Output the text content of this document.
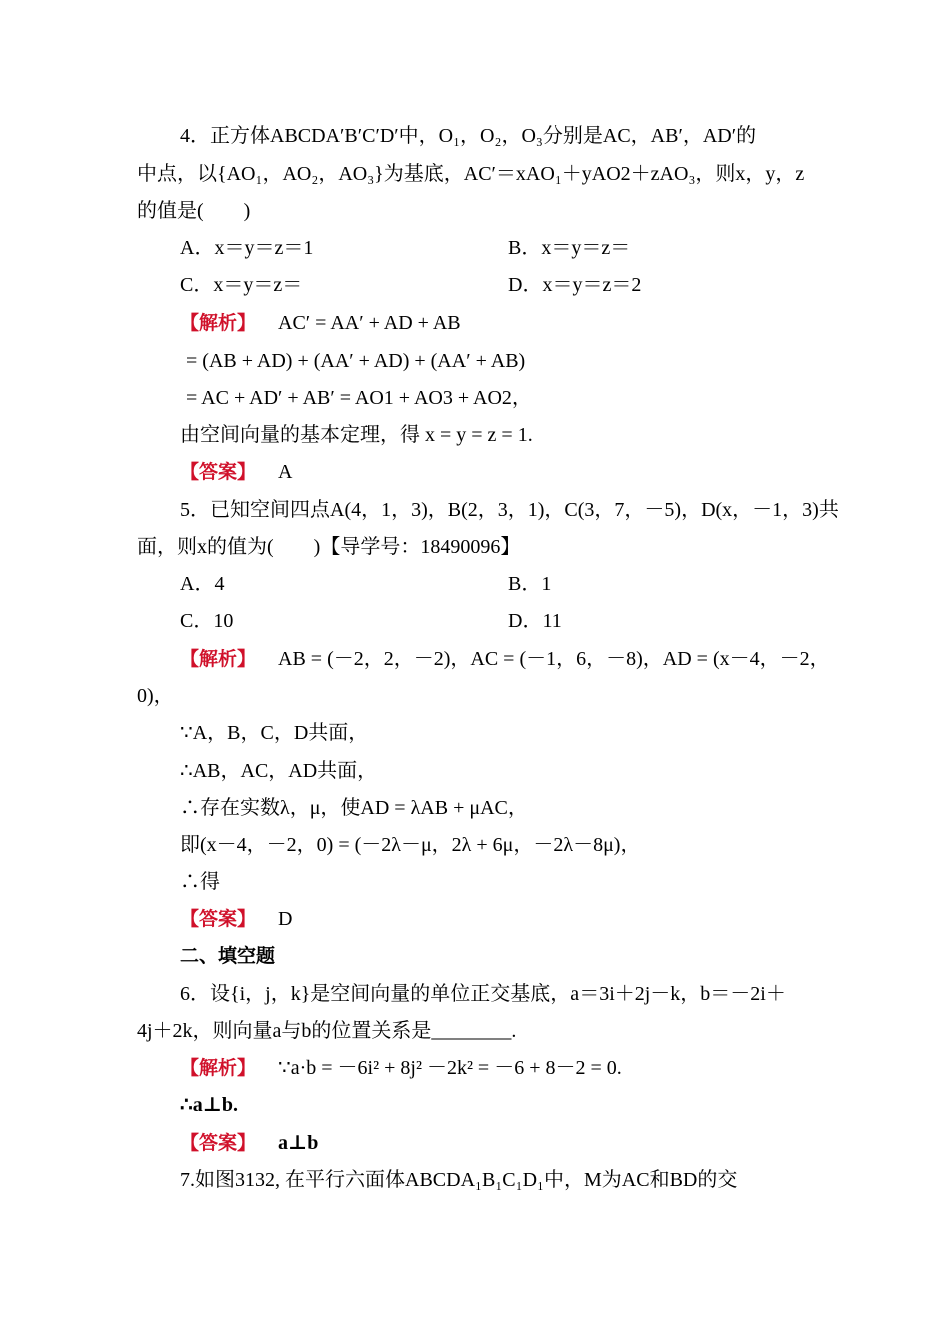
4．正方体ABCDA′B′C′D′中，O₁，O₂，O₃分别是AC，AB′，AD′的
中点，以{AO₁，AO₂，AO₃}为基底，AC′＝xAO₁＋yAO2＋zAO₃，则x，y，z
的值是(　　)
A．x＝y＝z＝1	B．x＝y＝z＝
C．x＝y＝z＝	D．x＝y＝z＝2
【解析】 AC′ = AA′ + AD + AB
= (AB + AD) + (AA′ + AD) + (AA′ + AB)
= AC + AD′ + AB′ = AO1 + AO3 + AO2，
由空间向量的基本定理，得 x = y = z = 1.
【答案】 A
5．已知空间四点A(4，1，3)，B(2，3，1)，C(3，7，－5)，D(x，－1，3)共
面，则x的值为(　　)【导学号：18490096】
A．4	B．1
C．10	D．11
【解析】 AB = (－2，2，－2)，AC = (－1，6，－8)，AD = (x－4，－2，
0)，
∵A，B，C，D共面，
∴AB，AC，AD共面，
∴存在实数λ，μ，使AD = λAB + μAC，
即(x－4，－2，0) = (－2λ－μ，2λ + 6μ，－2λ－8μ)，
∴得
【答案】 D
二、填空题
6．设{i，j，k}是空间向量的单位正交基底，a＝3i＋2j－k，b＝－2i＋
4j＋2k，则向量a与b的位置关系是________.
【解析】 ∵a·b = －6i² + 8j² －2k² = －6 + 8－2 = 0.
∴a⊥b.
【答案】 a⊥b
7.如图3132, 在平行六面体ABCDA₁B₁C₁D₁中，M为AC和BD的交
